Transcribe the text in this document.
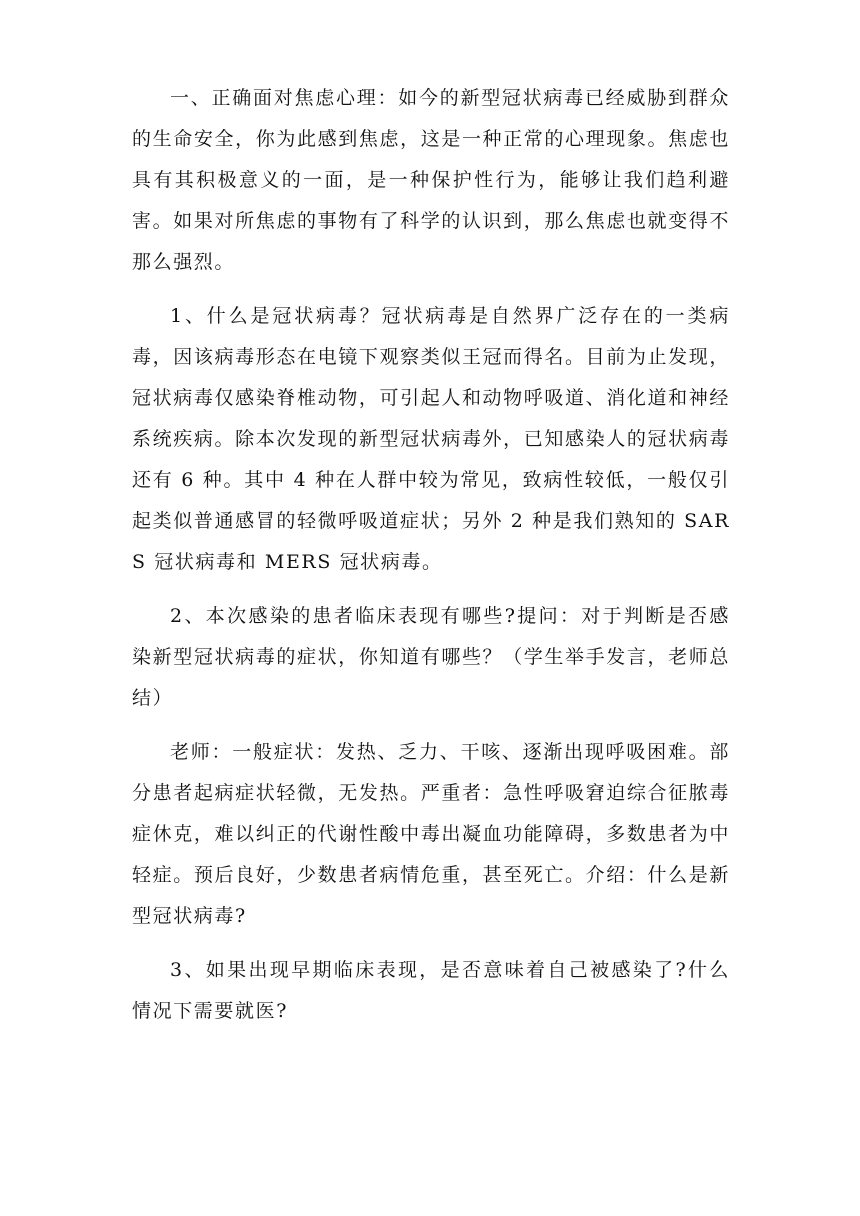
一、正确面对焦虑心理：如今的新型冠状病毒已经威胁到群众的生命安全，你为此感到焦虑，这是一种正常的心理现象。焦虑也具有其积极意义的一面，是一种保护性行为，能够让我们趋利避害。如果对所焦虑的事物有了科学的认识到，那么焦虑也就变得不那么强烈。

1、什么是冠状病毒？冠状病毒是自然界广泛存在的一类病毒，因该病毒形态在电镜下观察类似王冠而得名。目前为止发现，冠状病毒仅感染脊椎动物，可引起人和动物呼吸道、消化道和神经系统疾病。除本次发现的新型冠状病毒外，已知感染人的冠状病毒还有 6 种。其中 4 种在人群中较为常见，致病性较低，一般仅引起类似普通感冒的轻微呼吸道症状；另外 2 种是我们熟知的 SARS 冠状病毒和 MERS 冠状病毒。

2、本次感染的患者临床表现有哪些?提问：对于判断是否感染新型冠状病毒的症状，你知道有哪些？（学生举手发言，老师总结）

老师：一般症状：发热、乏力、干咳、逐渐出现呼吸困难。部分患者起病症状轻微，无发热。严重者：急性呼吸窘迫综合征脓毒症休克，难以纠正的代谢性酸中毒出凝血功能障碍，多数患者为中轻症。预后良好，少数患者病情危重，甚至死亡。介绍：什么是新型冠状病毒?

3、如果出现早期临床表现，是否意味着自己被感染了?什么情况下需要就医?
